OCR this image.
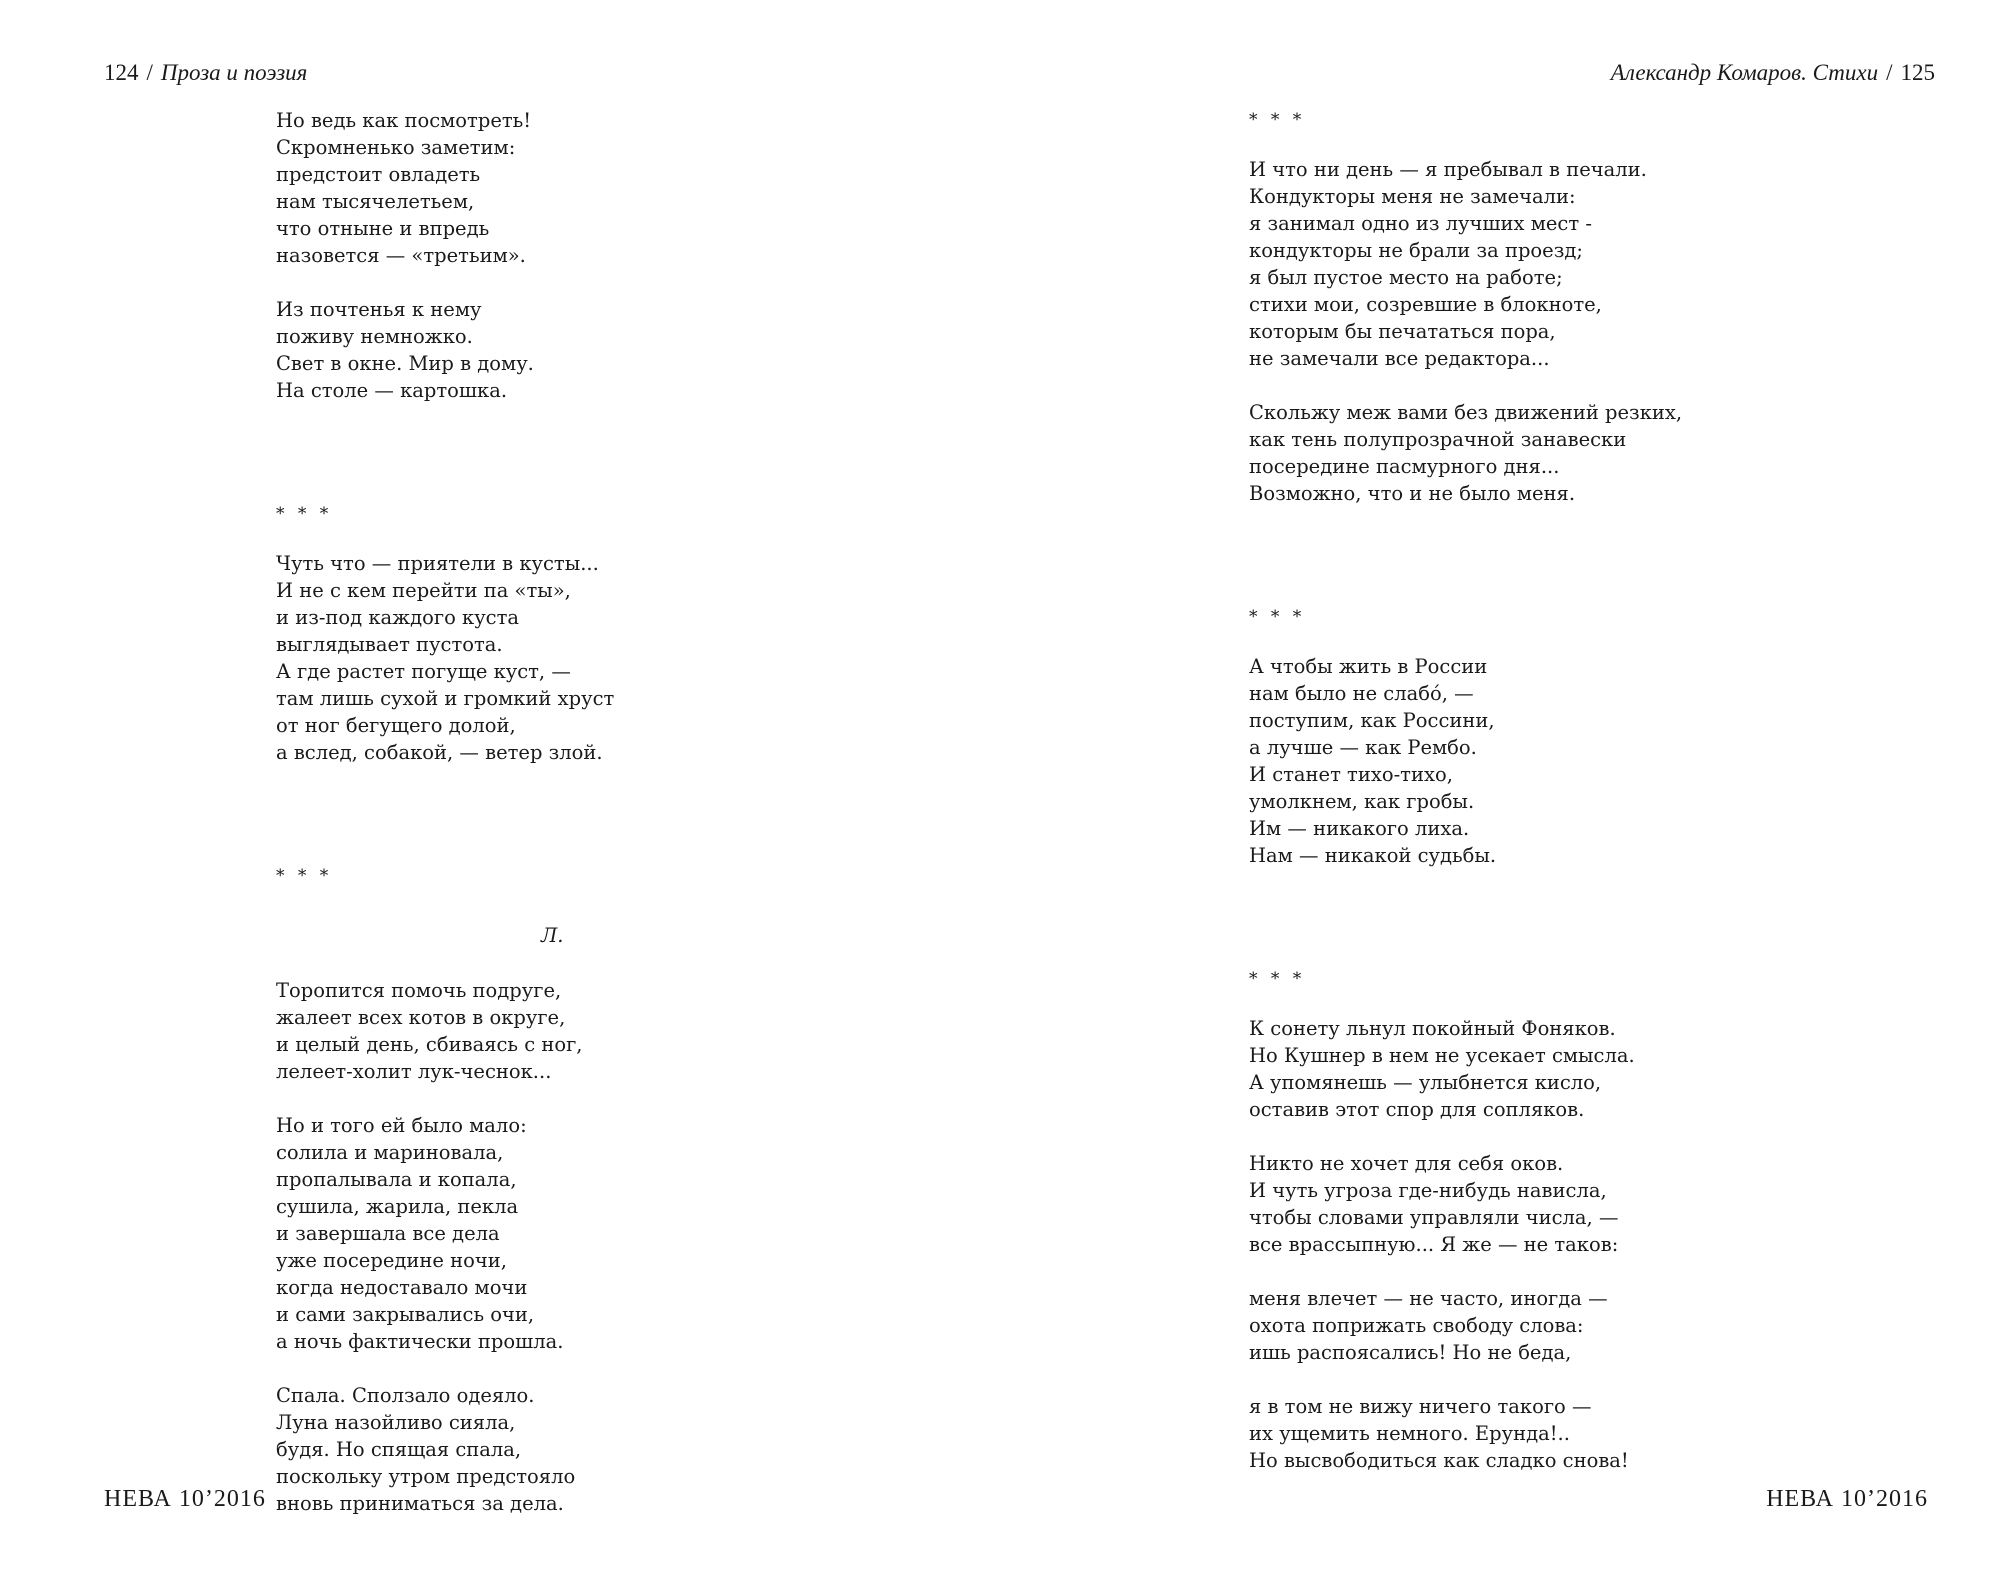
124 / Проза и поэзия
Но ведь как посмотреть!
Скромненько заметим:
предстоит овладеть
нам тысячелетьем,
что отныне и впредь
назовется — «третьим».
Из почтенья к нему
поживу немножко.
Свет в окне. Мир в дому.
На столе — картошка.
* * *
Чуть что — приятели в кусты...
И не с кем перейти па «ты»,
и из-под каждого куста
выглядывает пустота.
А где растет погуще куст, —
там лишь сухой и громкий хруст
от ног бегущего долой,
а вслед, собакой, — ветер злой.
* * *
Л.
Торопится помочь подруге,
жалеет всех котов в округе,
и целый день, сбиваясь с ног,
лелеет-холит лук-чеснок...
Но и того ей было мало:
солила и мариновала,
пропалывала и копала,
сушила, жарила, пекла
и завершала все дела
уже посередине ночи,
когда недоставало мочи
и сами закрывались очи,
а ночь фактически прошла.
Спала. Сползало одеяло.
Луна назойливо сияла,
будя. Но спящая спала,
поскольку утром предстояло
вновь приниматься за дела.
НЕВА 10’2016
Александр Комаров. Стихи / 125
* * *
И что ни день — я пребывал в печали.
Кондукторы меня не замечали:
я занимал одно из лучших мест -
кондукторы не брали за проезд;
я был пустое место на работе;
стихи мои, созревшие в блокноте,
которым бы печататься пора,
не замечали все редактора...
Скольжу меж вами без движений резких,
как тень полупрозрачной занавески
посередине пасмурного дня...
Возможно, что и не было меня.
* * *
А чтобы жить в России
нам было не слабо́, —
поступим, как Россини,
а лучше — как Рембо.
И станет тихо-тихо,
умолкнем, как гробы.
Им — никакого лиха.
Нам — никакой судьбы.
* * *
К сонету льнул покойный Фоняков.
Но Кушнер в нем не усекает смысла.
А упомянешь — улыбнется кисло,
оставив этот спор для сопляков.
Никто не хочет для себя оков.
И чуть угроза где-нибудь нависла,
чтобы словами управляли числа, —
все врассыпную... Я же — не таков:
меня влечет — не часто, иногда —
охота поприжать свободу слова:
ишь распоясались! Но не беда,
я в том не вижу ничего такого —
их ущемить немного. Ерунда!..
Но высвободиться как сладко снова!
НЕВА 10’2016
